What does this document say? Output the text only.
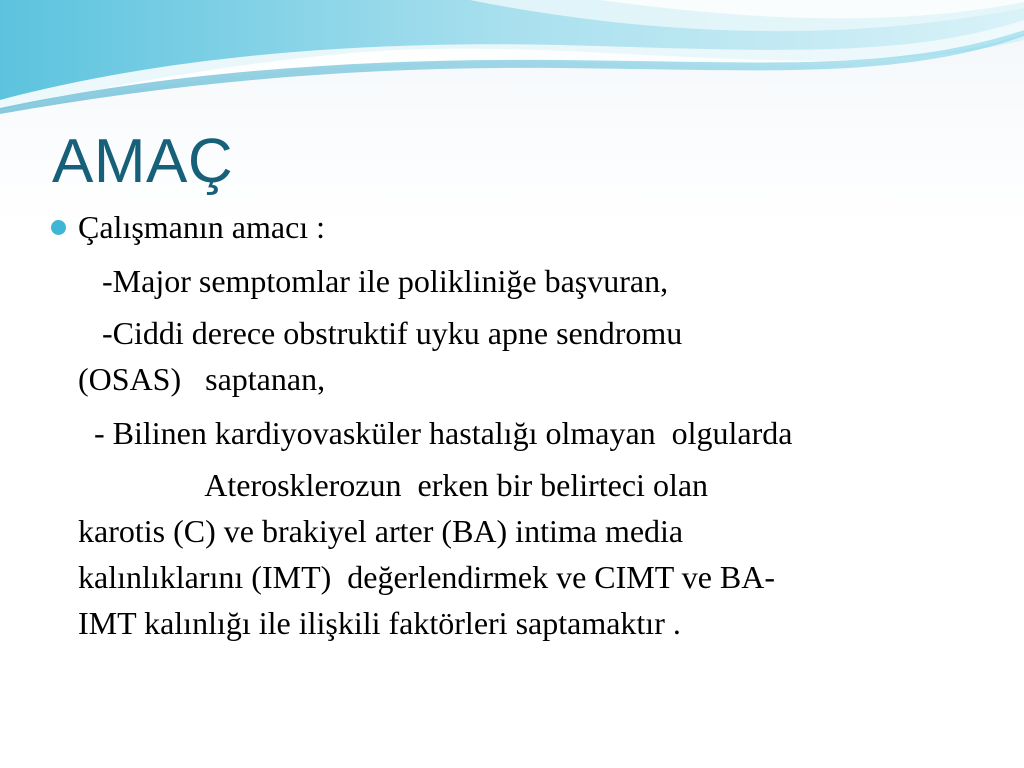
AMAÇ

Çalışmanın amacı :

-Major semptomlar ile polikliniğe başvuran,

-Ciddi derece obstruktif uyku apne sendromu

(OSAS)   saptanan,

- Bilinen kardiyovasküler hastalığı olmayan  olgularda

Aterosklerozun  erken bir belirteci olan

karotis (C) ve brakiyel arter (BA) intima media

kalınlıklarını (IMT)  değerlendirmek ve CIMT ve BA-

IMT kalınlığı ile ilişkili faktörleri saptamaktır .
